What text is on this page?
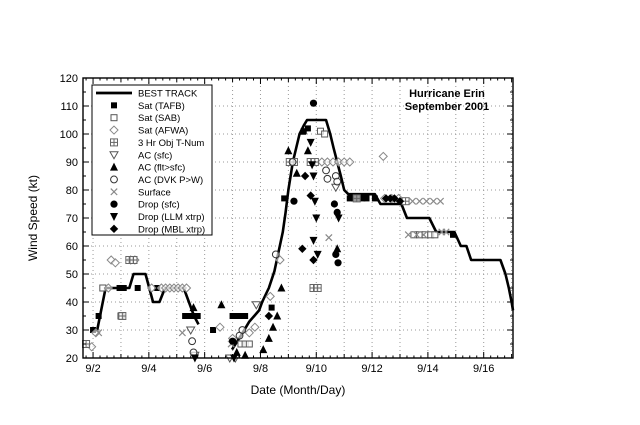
9/2	9/4	9/6	9/8	9/10	9/12	9/14	9/16
20
30
40
50
60
70
80
90
100
110
120
BEST TRACK
Sat (TAFB)
Sat (SAB)
Sat (AFWA)
3 Hr Obj T-Num
AC (sfc)
AC (flt>sfc)
AC (DVK P>W)
Surface
Drop (sfc)
Drop (LLM xtrp)
Drop (MBL xtrp)
Date (Month/Day)
Wind Speed (kt)
Hurricane Erin
September 2001
